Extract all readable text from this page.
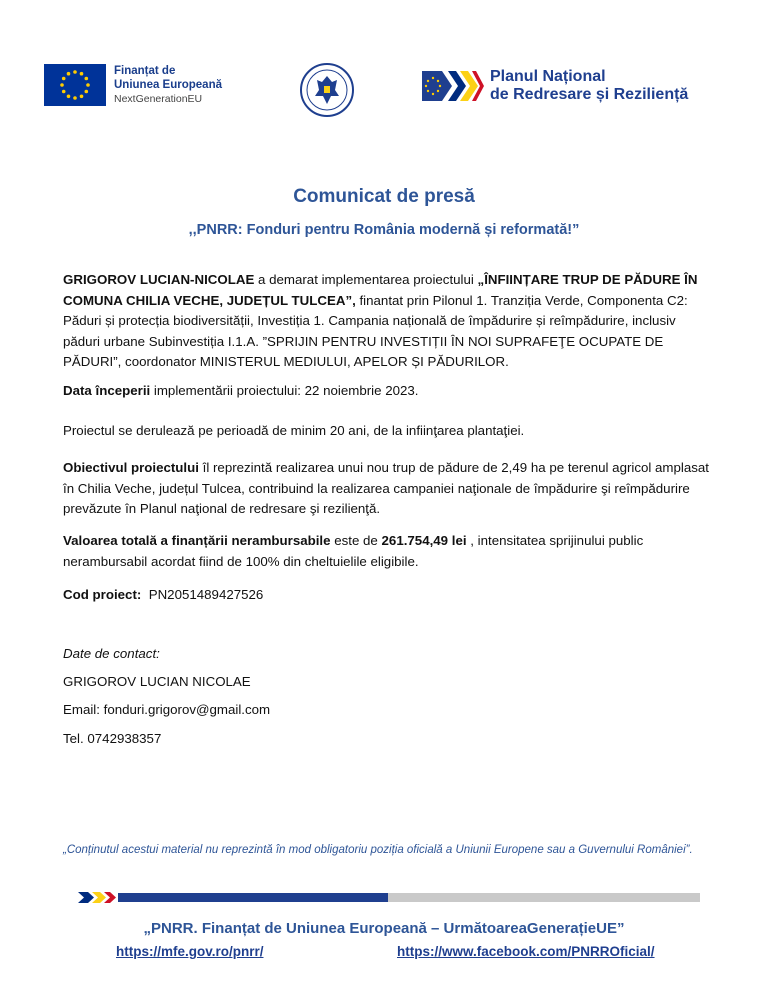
Finanțat de
Uniunea Europeană
NextGenerationEU
Planul Național
de Redresare și Reziliență
Comunicat de presă
,,PNRR: Fonduri pentru România modernă și reformată!”
GRIGOROV LUCIAN-NICOLAE a demarat implementarea proiectului „ÎNFIINȚARE TRUP DE PĂDURE ÎN COMUNA CHILIA VECHE, JUDEȚUL TULCEA”, finantat prin Pilonul 1. Tranziția Verde, Componenta C2: Păduri și protecția biodiversității, Investiția 1. Campania națională de împădurire și reîmpădurire, inclusiv păduri urbane Subinvestiția I.1.A. ”SPRIJIN PENTRU INVESTIȚII ÎN NOI SUPRAFEŢE OCUPATE DE PĂDURI”, coordonator MINISTERUL MEDIULUI, APELOR ȘI PĂDURILOR.
Data începerii implementării proiectului: 22 noiembrie 2023.
Proiectul se derulează pe perioadă de minim 20 ani, de la infiinţarea plantaţiei.
Obiectivul proiectului îl reprezintă realizarea unui nou trup de pădure de 2,49 ha pe terenul agricol amplasat în Chilia Veche, județul Tulcea, contribuind la realizarea campaniei naţionale de împădurire şi reîmpădurire prevăzute în Planul naţional de redresare şi rezilienţă.
Valoarea totală a finanțării nerambursabile este de 261.754,49 lei , intensitatea sprijinului public nerambursabil acordat fiind de 100% din cheltuielile eligibile.
Cod proiect: PN2051489427526
Date de contact:
GRIGOROV LUCIAN NICOLAE
Email: fonduri.grigorov@gmail.com
Tel. 0742938357
„Conținutul acestui material nu reprezintă în mod obligatoriu poziția oficială a Uniunii Europene sau a Guvernului României”.
„PNRR. Finanțat de Uniunea Europeană – UrmătoareaGenerațieUE”
https://mfe.gov.ro/pnrr/	https://www.facebook.com/PNRROficial/
